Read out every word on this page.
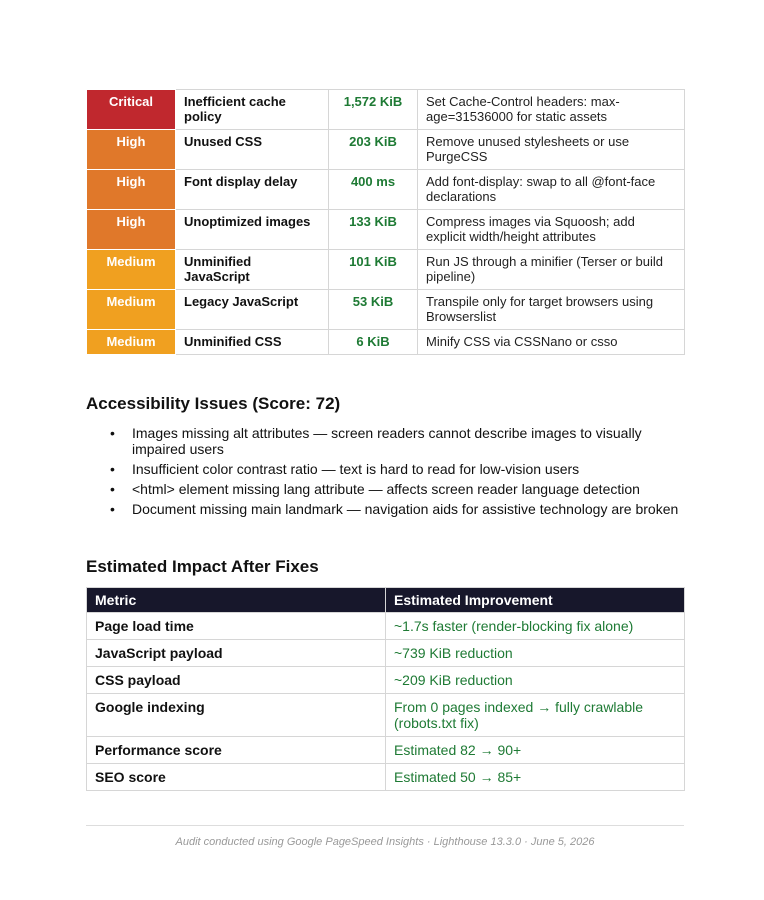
Critical	Inefficient cache policy	1,572 KiB	Set Cache-Control headers: max-age=31536000 for static assets
High	Unused CSS	203 KiB	Remove unused stylesheets or use PurgeCSS
High	Font display delay	400 ms	Add font-display: swap to all @font-face declarations
High	Unoptimized images	133 KiB	Compress images via Squoosh; add explicit width/height attributes
Medium	Unminified JavaScript	101 KiB	Run JS through a minifier (Terser or build pipeline)
Medium	Legacy JavaScript	53 KiB	Transpile only for target browsers using Browserslist
Medium	Unminified CSS	6 KiB	Minify CSS via CSSNano or csso
Accessibility Issues (Score: 72)
• Images missing alt attributes — screen readers cannot describe images to visually impaired users
• Insufficient color contrast ratio — text is hard to read for low-vision users
• <html> element missing lang attribute — affects screen reader language detection
• Document missing main landmark — navigation aids for assistive technology are broken
Estimated Impact After Fixes
Metric	Estimated Improvement
Page load time	~1.7s faster (render-blocking fix alone)
JavaScript payload	~739 KiB reduction
CSS payload	~209 KiB reduction
Google indexing	From 0 pages indexed → fully crawlable (robots.txt fix)
Performance score	Estimated 82 → 90+
SEO score	Estimated 50 → 85+
Audit conducted using Google PageSpeed Insights · Lighthouse 13.3.0 · June 5, 2026
